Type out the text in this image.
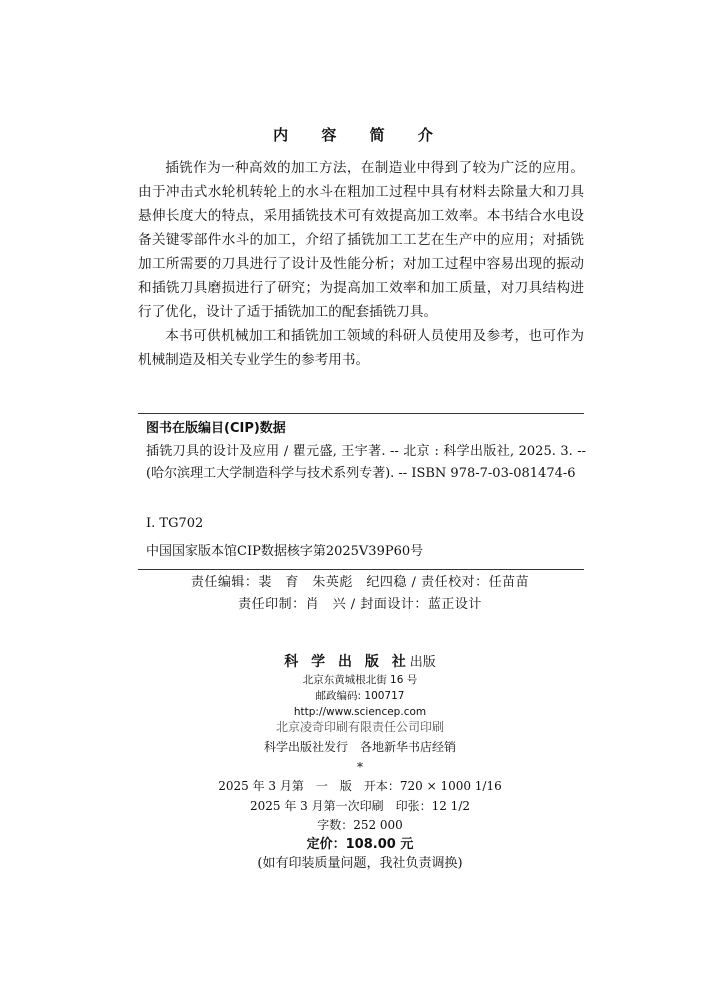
内 容 简 介

插铣作为一种高效的加工方法，在制造业中得到了较为广泛的应用。由于冲击式水轮机转轮上的水斗在粗加工过程中具有材料去除量大和刀具悬伸长度大的特点，采用插铣技术可有效提高加工效率。本书结合水电设备关键零部件水斗的加工，介绍了插铣加工工艺在生产中的应用；对插铣加工所需要的刀具进行了设计及性能分析；对加工过程中容易出现的振动和插铣刀具磨损进行了研究；为提高加工效率和加工质量，对刀具结构进行了优化，设计了适于插铣加工的配套插铣刀具。

本书可供机械加工和插铣加工领域的科研人员使用及参考，也可作为机械制造及相关专业学生的参考用书。

图书在版编目(CIP)数据
插铣刀具的设计及应用 / 瞿元盛, 王宇著. -- 北京 : 科学出版社, 2025. 3. -- (哈尔滨理工大学制造科学与技术系列专著). -- ISBN 978-7-03-081474-6
Ⅰ. TG702
中国国家版本馆CIP数据核字第2025V39P60号
责任编辑：裴　育　朱英彪　纪四稳 / 责任校对：任苗苗
责任印制：肖　兴 / 封面设计：蓝正设计
科 学 出 版 社出版
北京东黄城根北街 16 号
邮政编码: 100717
http://www.sciencep.com
北京凌奇印刷有限责任公司印刷
科学出版社发行　各地新华书店经销
*
2025 年 3 月第　一　版　开本：720 × 1000 1/16
2025 年 3 月第一次印刷　印张：12 1/2
字数：252 000
定价：108.00 元
(如有印装质量问题，我社负责调换)
